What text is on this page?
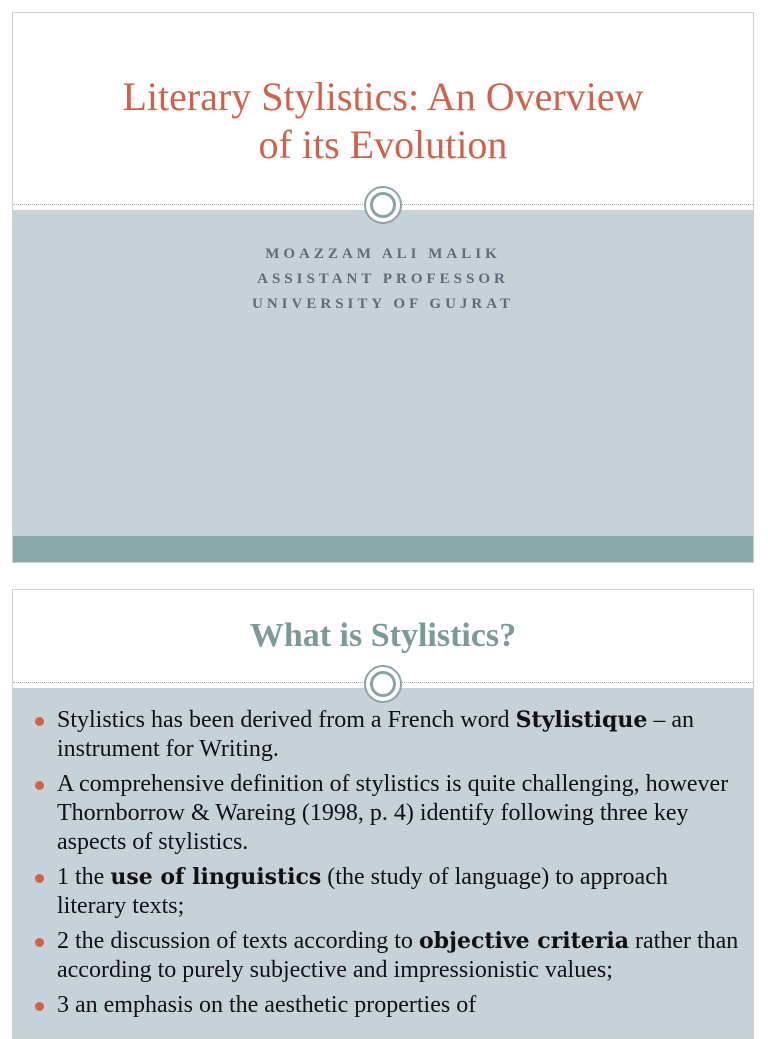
Literary Stylistics: An Overview
of its Evolution
MOAZZAM ALI MALIK
ASSISTANT PROFESSOR
UNIVERSITY OF GUJRAT
What is Stylistics?
Stylistics has been derived from a French word Stylistique – an instrument for Writing.
A comprehensive definition of stylistics is quite challenging, however Thornborrow & Wareing (1998, p. 4) identify following three key aspects of stylistics.
1 the use of linguistics (the study of language) to approach literary texts;
2 the discussion of texts according to objective criteria rather than according to purely subjective and impressionistic values;
3 an emphasis on the aesthetic properties of
